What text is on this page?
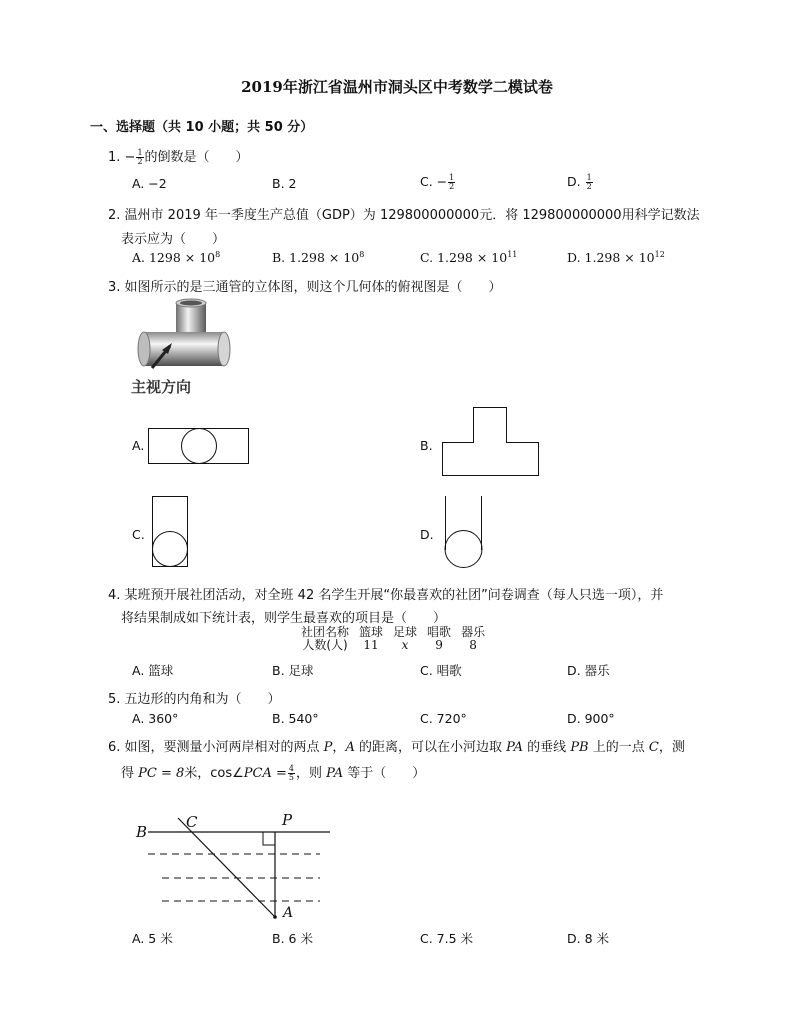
2019年浙江省温州市洞头区中考数学二模试卷
一、选择题（共 10 小题；共 50 分）
1. − $\frac{1}{2}$ 的倒数是（　　）
A. −2	B. 2	C. − $\frac{1}{2}$	D. $\frac{1}{2}$
2. 温州市 2019 年一季度生产总值（GDP）为 129800000000元．将 129800000000用科学记数法
表示应为（　　）
A. $1298 \times 10^8$	B. $1.298 \times 10^8$	C. $1.298 \times 10^{11}$	D. $1.298 \times 10^{12}$
3. 如图所示的是三通管的立体图，则这个几何体的俯视图是（　　）
主视方向
A.	B.
C.	D.
4. 某班预开展社团活动，对全班 42 名学生开展“你最喜欢的社团”问卷调查（每人只选一项），并
将结果制成如下统计表，则学生最喜欢的项目是（　　）
社团名称	篮球	足球	唱歌	器乐
人数(人)	11	x	9	8
A. 篮球	B. 足球	C. 唱歌	D. 器乐
5. 五边形的内角和为（　　）
A. 360°	B. 540°	C. 720°	D. 900°
6. 如图，要测量小河两岸相对的两点 P，A 的距离，可以在小河边取 PA 的垂线 PB 上的一点 C，测
得 PC = 8米，cos∠PCA = $\frac{4}{5}$ ，则 PA 等于（　　）
B
C	P
A
A. 5 米	B. 6 米	C. 7.5 米	D. 8 米
